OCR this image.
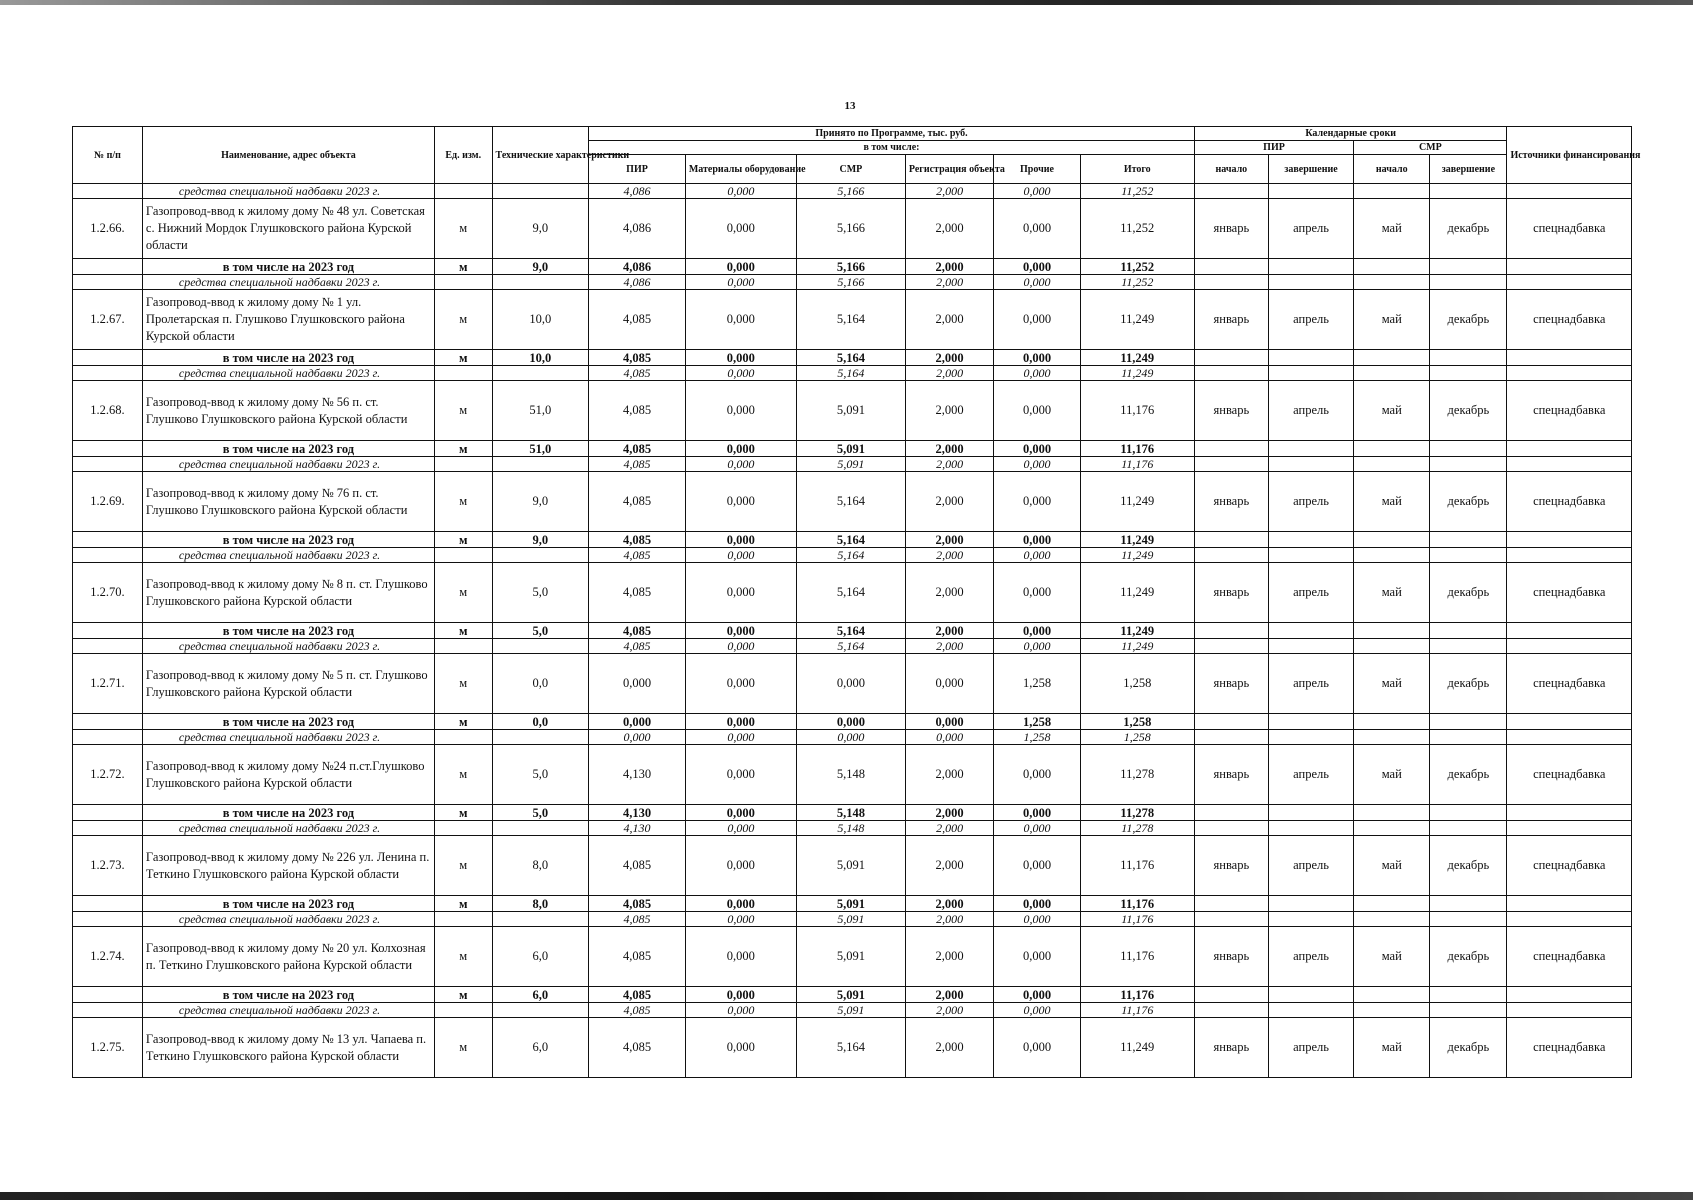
13
№ п/п	Наименование, адрес объекта	Ед. изм.	Технические характеристики	Принято по Программе, тыс. руб.						Календарные сроки				Источники финансирования
				в том числе:						ПИР		СМР		
				ПИР	Материалы оборудование	СМР	Регистрация объекта	Прочие	Итого	начало	завершение	начало	завершение	
	средства специальной надбавки 2023 г.			4,086	0,000	5,166	2,000	0,000	11,252					
1.2.66.	Газопровод-ввод к жилому дому № 48 ул. Советская с. Нижний Мордок Глушковского района Курской области	м	9,0	4,086	0,000	5,166	2,000	0,000	11,252	январь	апрель	май	декабрь	спецнадбавка
	в том числе на 2023 год	м	9,0	4,086	0,000	5,166	2,000	0,000	11,252					
	средства специальной надбавки 2023 г.			4,086	0,000	5,166	2,000	0,000	11,252					
1.2.67.	Газопровод-ввод к жилому дому № 1 ул. Пролетарская п. Глушково Глушковского района Курской области	м	10,0	4,085	0,000	5,164	2,000	0,000	11,249	январь	апрель	май	декабрь	спецнадбавка
	в том числе на 2023 год	м	10,0	4,085	0,000	5,164	2,000	0,000	11,249					
	средства специальной надбавки 2023 г.			4,085	0,000	5,164	2,000	0,000	11,249					
1.2.68.	Газопровод-ввод к жилому дому № 56 п. ст. Глушково Глушковского района Курской области	м	51,0	4,085	0,000	5,091	2,000	0,000	11,176	январь	апрель	май	декабрь	спецнадбавка
	в том числе на 2023 год	м	51,0	4,085	0,000	5,091	2,000	0,000	11,176					
	средства специальной надбавки 2023 г.			4,085	0,000	5,091	2,000	0,000	11,176					
1.2.69.	Газопровод-ввод к жилому дому № 76 п. ст. Глушково Глушковского района Курской области	м	9,0	4,085	0,000	5,164	2,000	0,000	11,249	январь	апрель	май	декабрь	спецнадбавка
	в том числе на 2023 год	м	9,0	4,085	0,000	5,164	2,000	0,000	11,249					
	средства специальной надбавки 2023 г.			4,085	0,000	5,164	2,000	0,000	11,249					
1.2.70.	Газопровод-ввод к жилому дому № 8 п. ст. Глушково Глушковского района Курской области	м	5,0	4,085	0,000	5,164	2,000	0,000	11,249	январь	апрель	май	декабрь	спецнадбавка
	в том числе на 2023 год	м	5,0	4,085	0,000	5,164	2,000	0,000	11,249					
	средства специальной надбавки 2023 г.			4,085	0,000	5,164	2,000	0,000	11,249					
1.2.71.	Газопровод-ввод к жилому дому № 5 п. ст. Глушково Глушковского района Курской области	м	0,0	0,000	0,000	0,000	0,000	1,258	1,258	январь	апрель	май	декабрь	спецнадбавка
	в том числе на 2023 год	м	0,0	0,000	0,000	0,000	0,000	1,258	1,258					
	средства специальной надбавки 2023 г.			0,000	0,000	0,000	0,000	1,258	1,258					
1.2.72.	Газопровод-ввод к жилому дому №24 п.ст.Глушково Глушковского района Курской области	м	5,0	4,130	0,000	5,148	2,000	0,000	11,278	январь	апрель	май	декабрь	спецнадбавка
	в том числе на 2023 год	м	5,0	4,130	0,000	5,148	2,000	0,000	11,278					
	средства специальной надбавки 2023 г.			4,130	0,000	5,148	2,000	0,000	11,278					
1.2.73.	Газопровод-ввод к жилому дому № 226 ул. Ленина п. Теткино Глушковского района Курской области	м	8,0	4,085	0,000	5,091	2,000	0,000	11,176	январь	апрель	май	декабрь	спецнадбавка
	в том числе на 2023 год	м	8,0	4,085	0,000	5,091	2,000	0,000	11,176					
	средства специальной надбавки 2023 г.			4,085	0,000	5,091	2,000	0,000	11,176					
1.2.74.	Газопровод-ввод к жилому дому № 20 ул. Колхозная п. Теткино Глушковского района Курской области	м	6,0	4,085	0,000	5,091	2,000	0,000	11,176	январь	апрель	май	декабрь	спецнадбавка
	в том числе на 2023 год	м	6,0	4,085	0,000	5,091	2,000	0,000	11,176					
	средства специальной надбавки 2023 г.			4,085	0,000	5,091	2,000	0,000	11,176					
1.2.75.	Газопровод-ввод к жилому дому № 13 ул. Чапаева п. Теткино Глушковского района Курской области	м	6,0	4,085	0,000	5,164	2,000	0,000	11,249	январь	апрель	май	декабрь	спецнадбавка
